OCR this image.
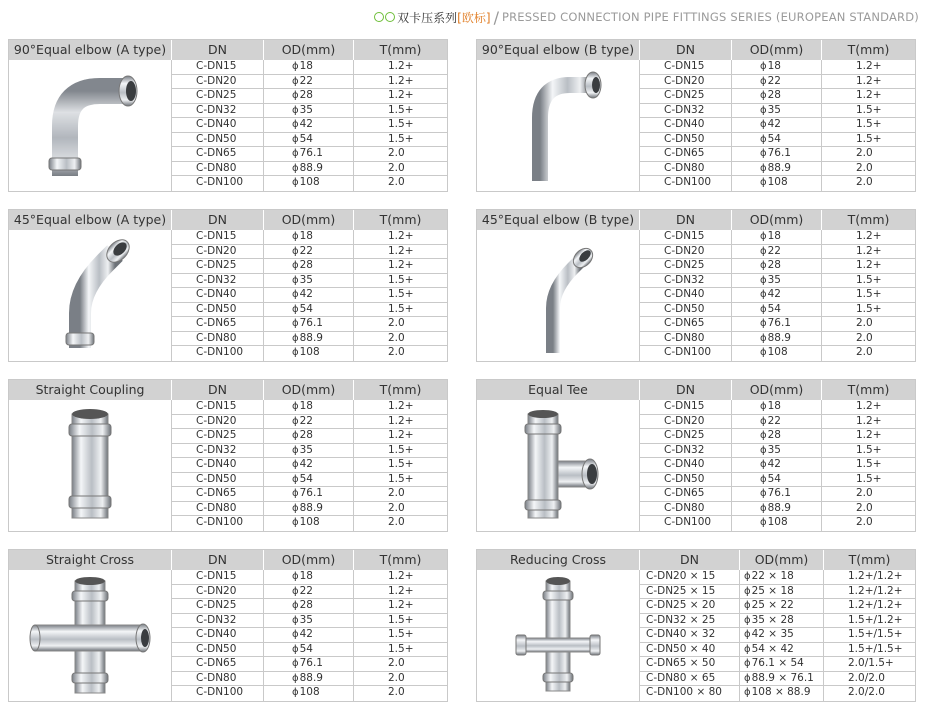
双卡压系列 [欧标] / PRESSED CONNECTION PIPE FITTINGS SERIES (EUROPEAN STANDARD)
90°Equal elbow (A type)	DN	OD(mm)	T(mm)
C-DN15	ϕ18	1.2+
C-DN20	ϕ22	1.2+
C-DN25	ϕ28	1.2+
C-DN32	ϕ35	1.5+
C-DN40	ϕ42	1.5+
C-DN50	ϕ54	1.5+
C-DN65	ϕ76.1	2.0
C-DN80	ϕ88.9	2.0
C-DN100	ϕ108	2.0
90°Equal elbow (B type)	DN	OD(mm)	T(mm)
C-DN15	ϕ18	1.2+
C-DN20	ϕ22	1.2+
C-DN25	ϕ28	1.2+
C-DN32	ϕ35	1.5+
C-DN40	ϕ42	1.5+
C-DN50	ϕ54	1.5+
C-DN65	ϕ76.1	2.0
C-DN80	ϕ88.9	2.0
C-DN100	ϕ108	2.0
45°Equal elbow (A type)	DN	OD(mm)	T(mm)
C-DN15	ϕ18	1.2+
C-DN20	ϕ22	1.2+
C-DN25	ϕ28	1.2+
C-DN32	ϕ35	1.5+
C-DN40	ϕ42	1.5+
C-DN50	ϕ54	1.5+
C-DN65	ϕ76.1	2.0
C-DN80	ϕ88.9	2.0
C-DN100	ϕ108	2.0
45°Equal elbow (B type)	DN	OD(mm)	T(mm)
C-DN15	ϕ18	1.2+
C-DN20	ϕ22	1.2+
C-DN25	ϕ28	1.2+
C-DN32	ϕ35	1.5+
C-DN40	ϕ42	1.5+
C-DN50	ϕ54	1.5+
C-DN65	ϕ76.1	2.0
C-DN80	ϕ88.9	2.0
C-DN100	ϕ108	2.0
Straight Coupling	DN	OD(mm)	T(mm)
C-DN15	ϕ18	1.2+
C-DN20	ϕ22	1.2+
C-DN25	ϕ28	1.2+
C-DN32	ϕ35	1.5+
C-DN40	ϕ42	1.5+
C-DN50	ϕ54	1.5+
C-DN65	ϕ76.1	2.0
C-DN80	ϕ88.9	2.0
C-DN100	ϕ108	2.0
Equal Tee	DN	OD(mm)	T(mm)
C-DN15	ϕ18	1.2+
C-DN20	ϕ22	1.2+
C-DN25	ϕ28	1.2+
C-DN32	ϕ35	1.5+
C-DN40	ϕ42	1.5+
C-DN50	ϕ54	1.5+
C-DN65	ϕ76.1	2.0
C-DN80	ϕ88.9	2.0
C-DN100	ϕ108	2.0
Straight Cross	DN	OD(mm)	T(mm)
C-DN15	ϕ18	1.2+
C-DN20	ϕ22	1.2+
C-DN25	ϕ28	1.2+
C-DN32	ϕ35	1.5+
C-DN40	ϕ42	1.5+
C-DN50	ϕ54	1.5+
C-DN65	ϕ76.1	2.0
C-DN80	ϕ88.9	2.0
C-DN100	ϕ108	2.0
Reducing Cross	DN	OD(mm)	T(mm)
C-DN20 × 15	ϕ22 × 18	1.2+/1.2+
C-DN25 × 15	ϕ25 × 18	1.2+/1.2+
C-DN25 × 20	ϕ25 × 22	1.2+/1.2+
C-DN32 × 25	ϕ35 × 28	1.5+/1.2+
C-DN40 × 32	ϕ42 × 35	1.5+/1.5+
C-DN50 × 40	ϕ54 × 42	1.5+/1.5+
C-DN65 × 50	ϕ76.1 × 54	2.0/1.5+
C-DN80 × 65	ϕ88.9 × 76.1	2.0/2.0
C-DN100 × 80	ϕ108 × 88.9	2.0/2.0
